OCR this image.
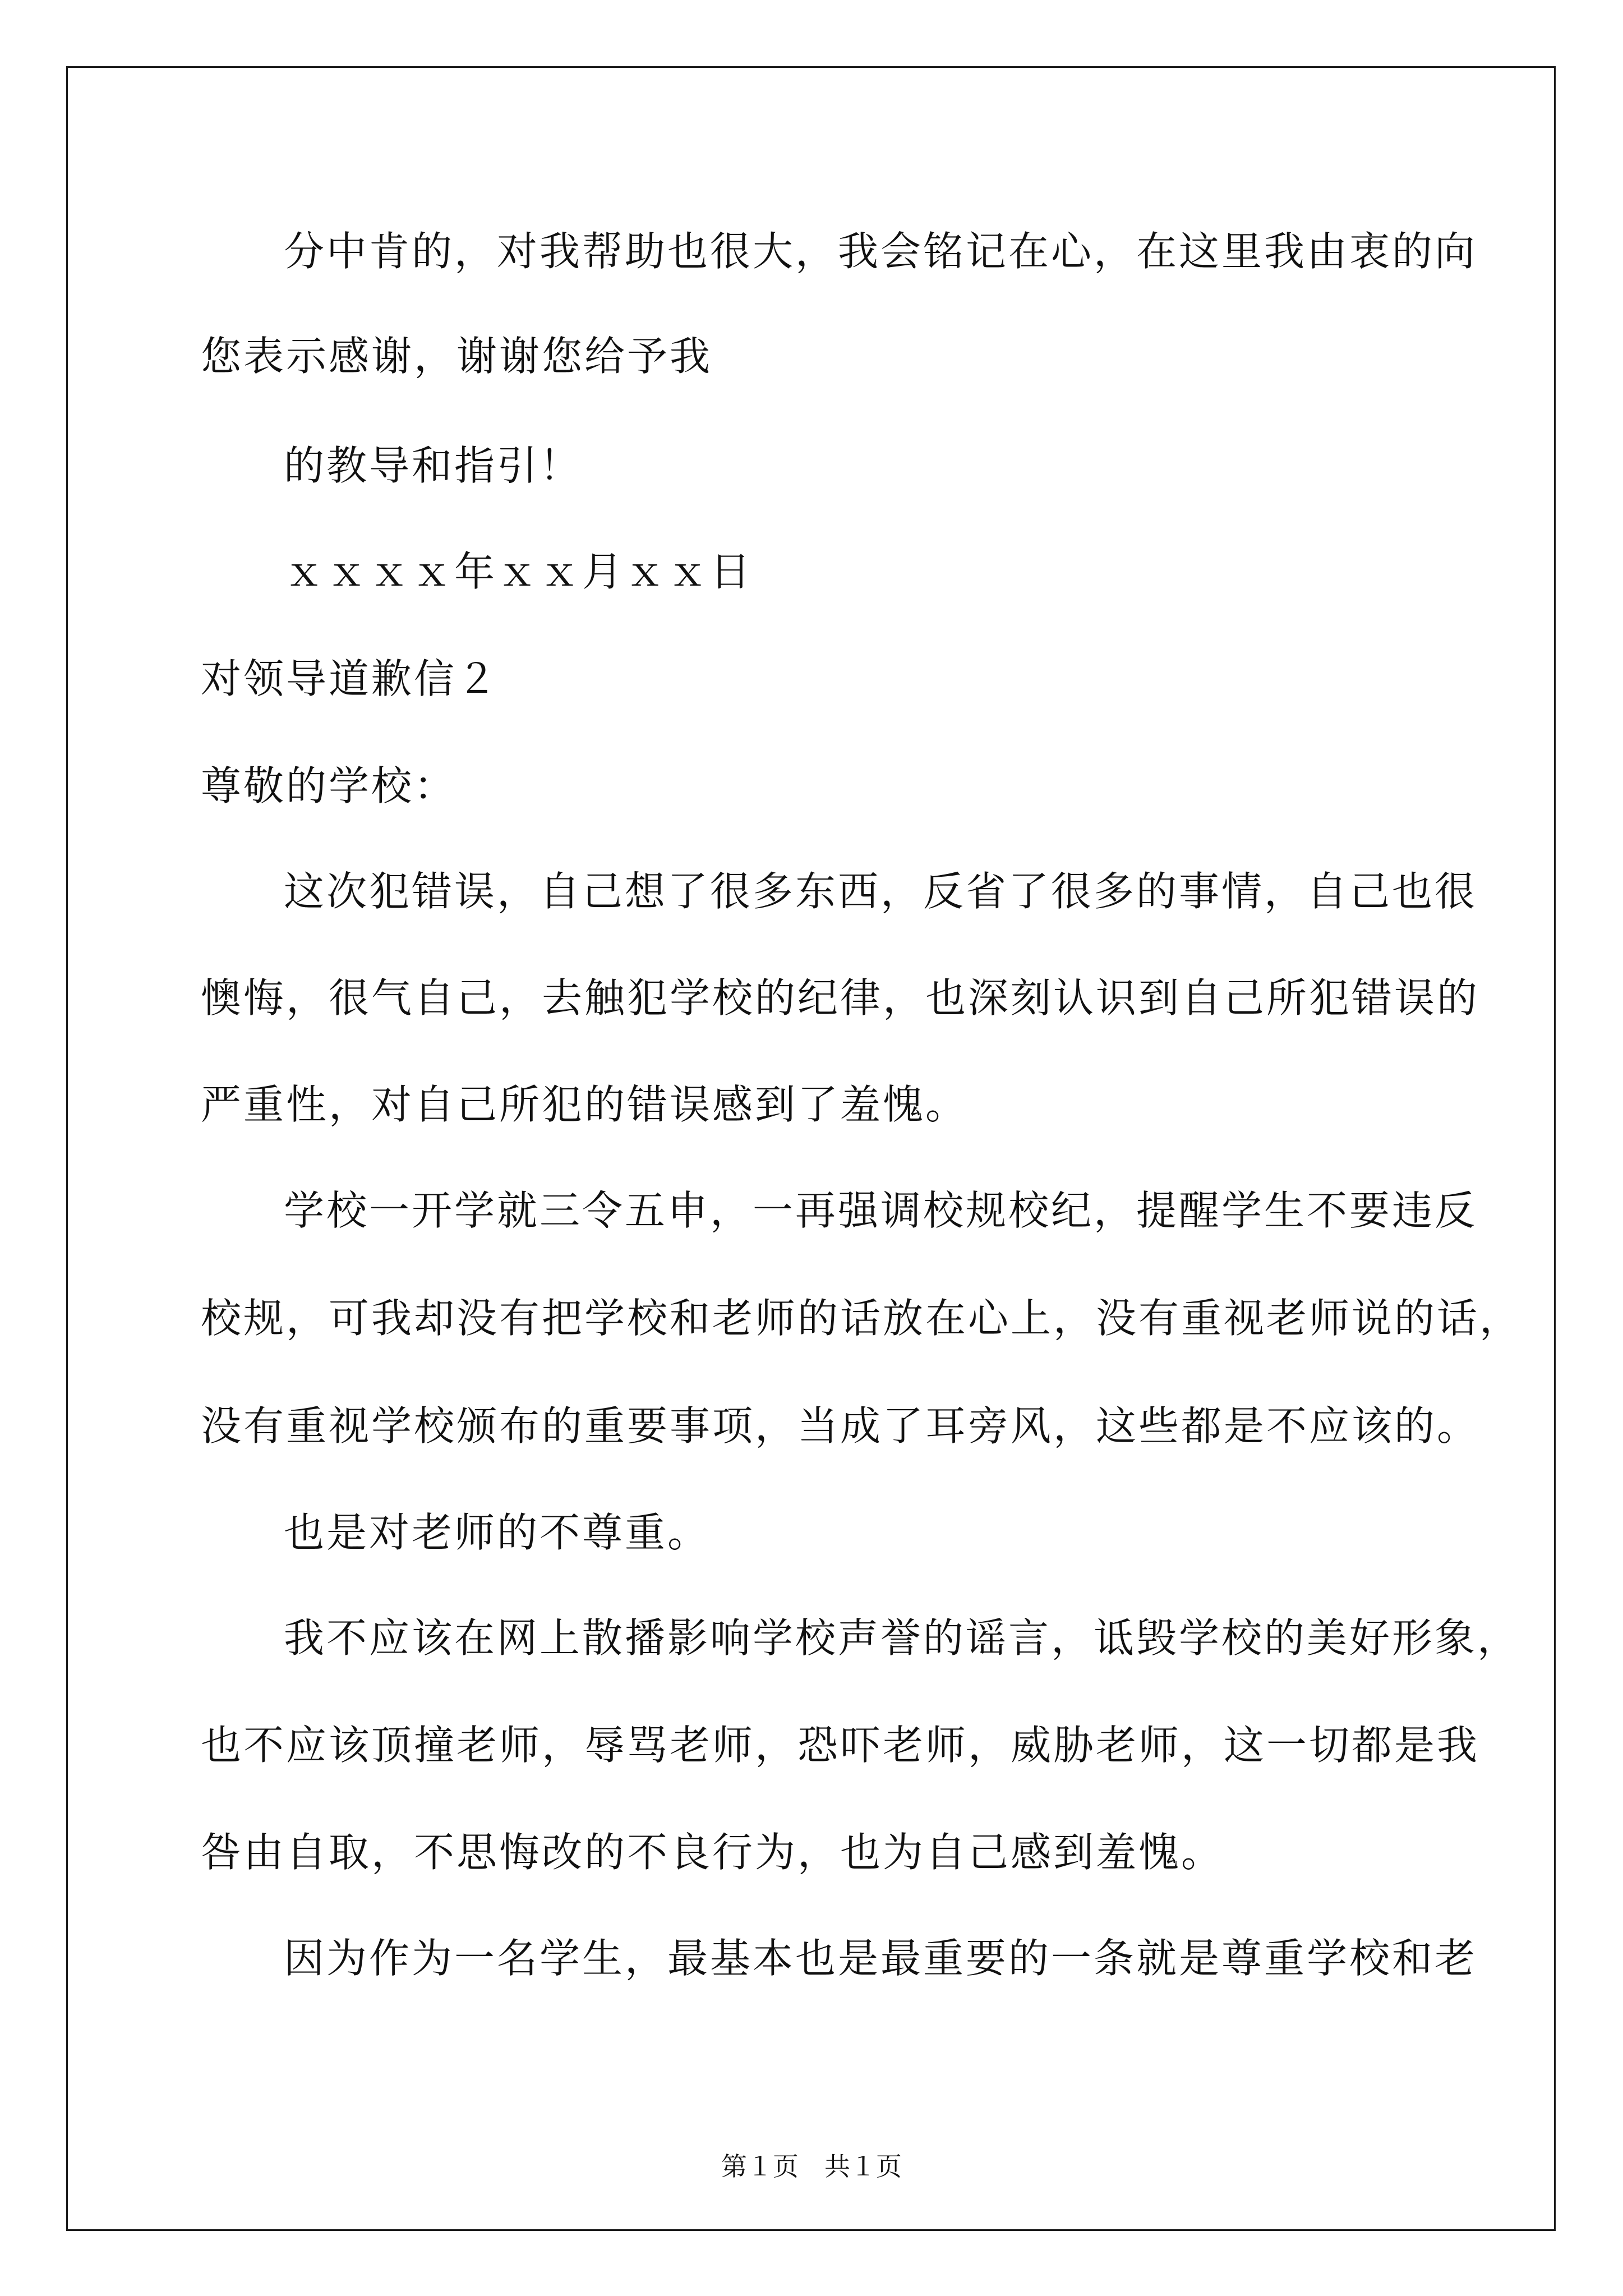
分中肯的，对我帮助也很大，我会铭记在心，在这里我由衷的向
您表示感谢，谢谢您给予我
的教导和指引！
ｘｘｘｘ年ｘｘ月ｘｘ日
对领导道歉信２
尊敬的学校：
这次犯错误，自己想了很多东西，反省了很多的事情，自己也很
懊悔，很气自己，去触犯学校的纪律，也深刻认识到自己所犯错误的
严重性，对自己所犯的错误感到了羞愧。
学校一开学就三令五申，一再强调校规校纪，提醒学生不要违反
校规，可我却没有把学校和老师的话放在心上，没有重视老师说的话，
没有重视学校颁布的重要事项，当成了耳旁风，这些都是不应该的。
也是对老师的不尊重。
我不应该在网上散播影响学校声誉的谣言，诋毁学校的美好形象，
也不应该顶撞老师，辱骂老师，恐吓老师，威胁老师，这一切都是我
咎由自取，不思悔改的不良行为，也为自己感到羞愧。
因为作为一名学生，最基本也是最重要的一条就是尊重学校和老
第１页　共１页
